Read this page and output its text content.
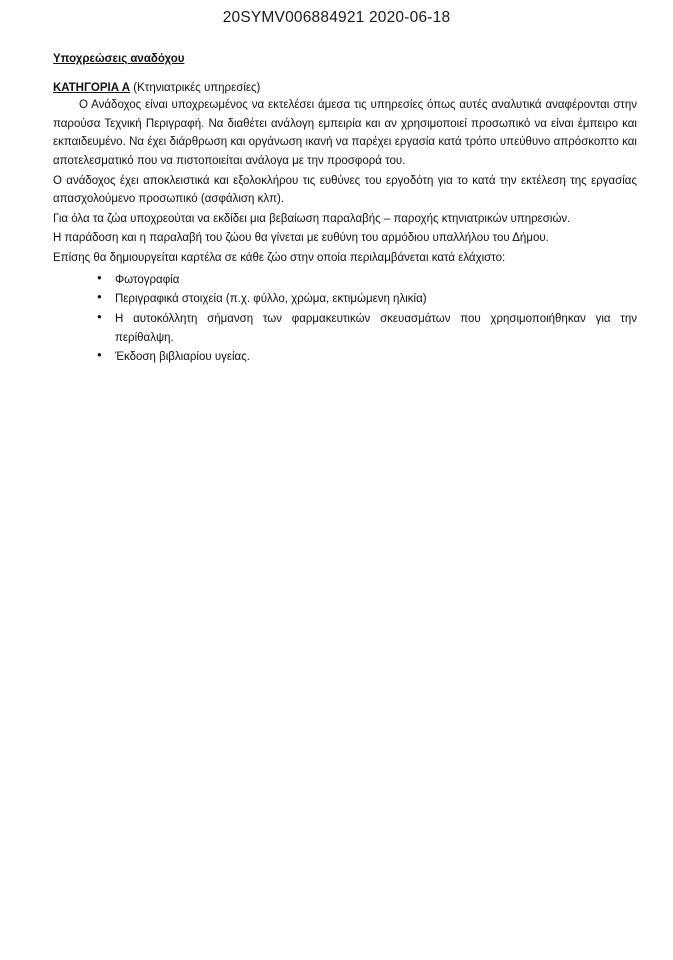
20SYMV006884921 2020-06-18
Υποχρεώσεις αναδόχου
ΚΑΤΗΓΟΡΙΑ Α (Κτηνιατρικές υπηρεσίες)

Ο Ανάδοχος είναι υποχρεωμένος να εκτελέσει άμεσα τις υπηρεσίες όπως αυτές αναλυτικά αναφέρονται στην παρούσα Τεχνική Περιγραφή. Να διαθέτει ανάλογη εμπειρία και αν χρησιμοποιεί προσωπικό να είναι έμπειρο και εκπαιδευμένο. Να έχει διάρθρωση και οργάνωση ικανή να παρέχει εργασία κατά τρόπο υπεύθυνο απρόσκοπτο και αποτελεσματικό που να πιστοποιείται ανάλογα με την προσφορά του.

Ο ανάδοχος έχει αποκλειστικά και εξολοκλήρου τις ευθύνες του εργοδότη για το κατά την εκτέλεση της εργασίας απασχολούμενο προσωπικό (ασφάλιση κλπ).

Για όλα τα ζώα υποχρεούται να εκδίδει μια βεβαίωση παραλαβής – παροχής κτηνιατρικών υπηρεσιών.

Η παράδοση και η παραλαβή του ζώου θα γίνεται με ευθύνη του αρμόδιου υπαλλήλου του Δήμου.

Επίσης θα δημιουργείται καρτέλα σε κάθε ζώο στην οποία περιλαμβάνεται κατά ελάχιστο:

● Φωτογραφία
● Περιγραφικά στοιχεία (π.χ. φύλλο, χρώμα, εκτιμώμενη ηλικία)
● Η αυτοκόλλητη σήμανση των φαρμακευτικών σκευασμάτων που χρησιμοποιήθηκαν για την περίθαλψη.
● Έκδοση βιβλιαρίου υγείας.
